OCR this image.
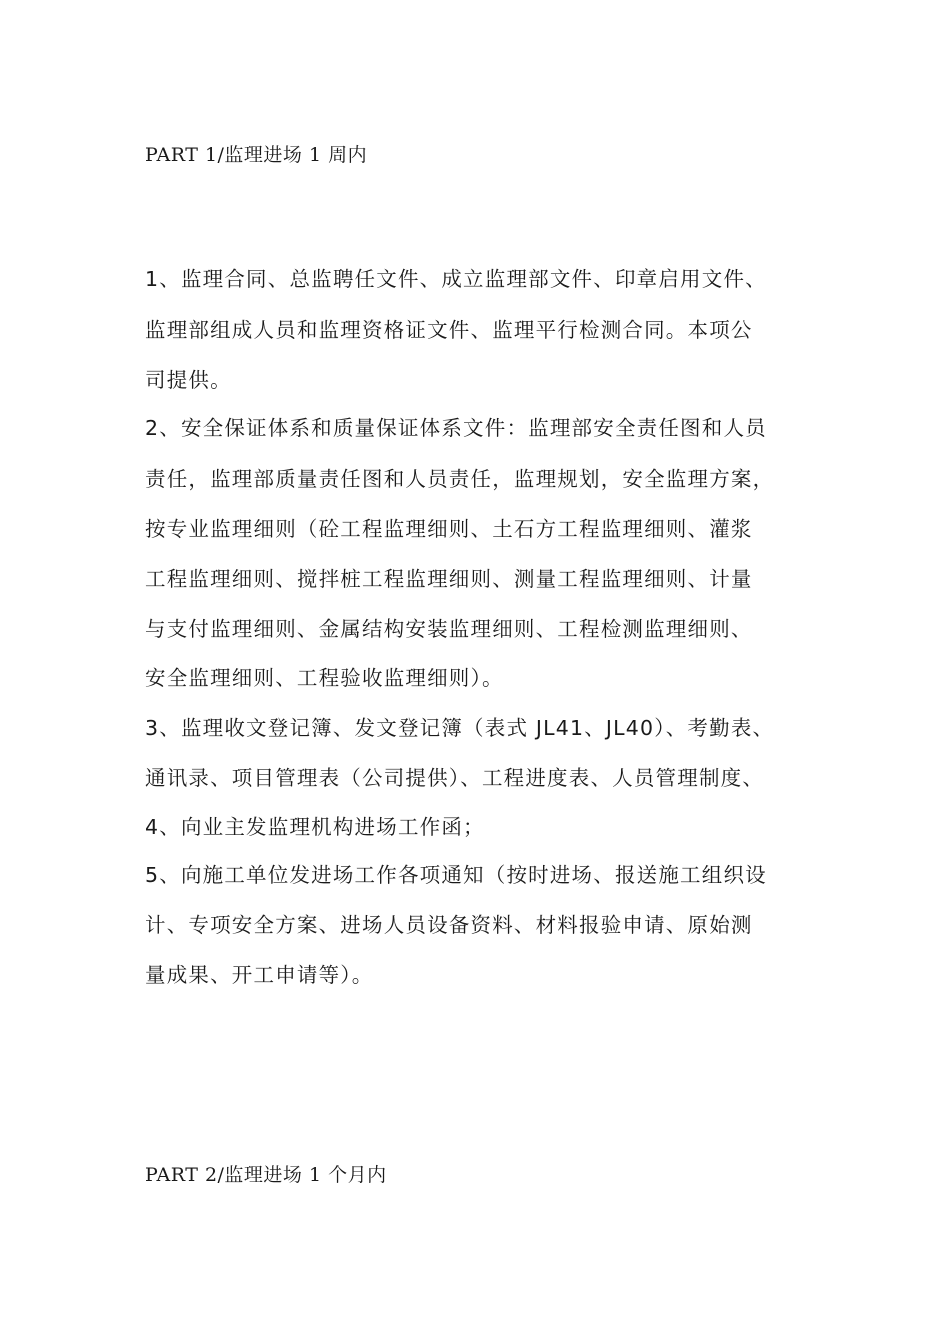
PART 1/监理进场 1 周内
1、监理合同、总监聘任文件、成立监理部文件、印章启用文件、
监理部组成人员和监理资格证文件、监理平行检测合同。本项公
司提供。
2、安全保证体系和质量保证体系文件：监理部安全责任图和人员
责任，监理部质量责任图和人员责任，监理规划，安全监理方案，
按专业监理细则（砼工程监理细则、土石方工程监理细则、灌浆
工程监理细则、搅拌桩工程监理细则、测量工程监理细则、计量
与支付监理细则、金属结构安装监理细则、工程检测监理细则、
安全监理细则、工程验收监理细则）。
3、监理收文登记簿、发文登记簿（表式 JL41、JL40）、考勤表、
通讯录、项目管理表（公司提供）、工程进度表、人员管理制度、
4、向业主发监理机构进场工作函；
5、向施工单位发进场工作各项通知（按时进场、报送施工组织设
计、专项安全方案、进场人员设备资料、材料报验申请、原始测
量成果、开工申请等）。
PART 2/监理进场 1 个月内
